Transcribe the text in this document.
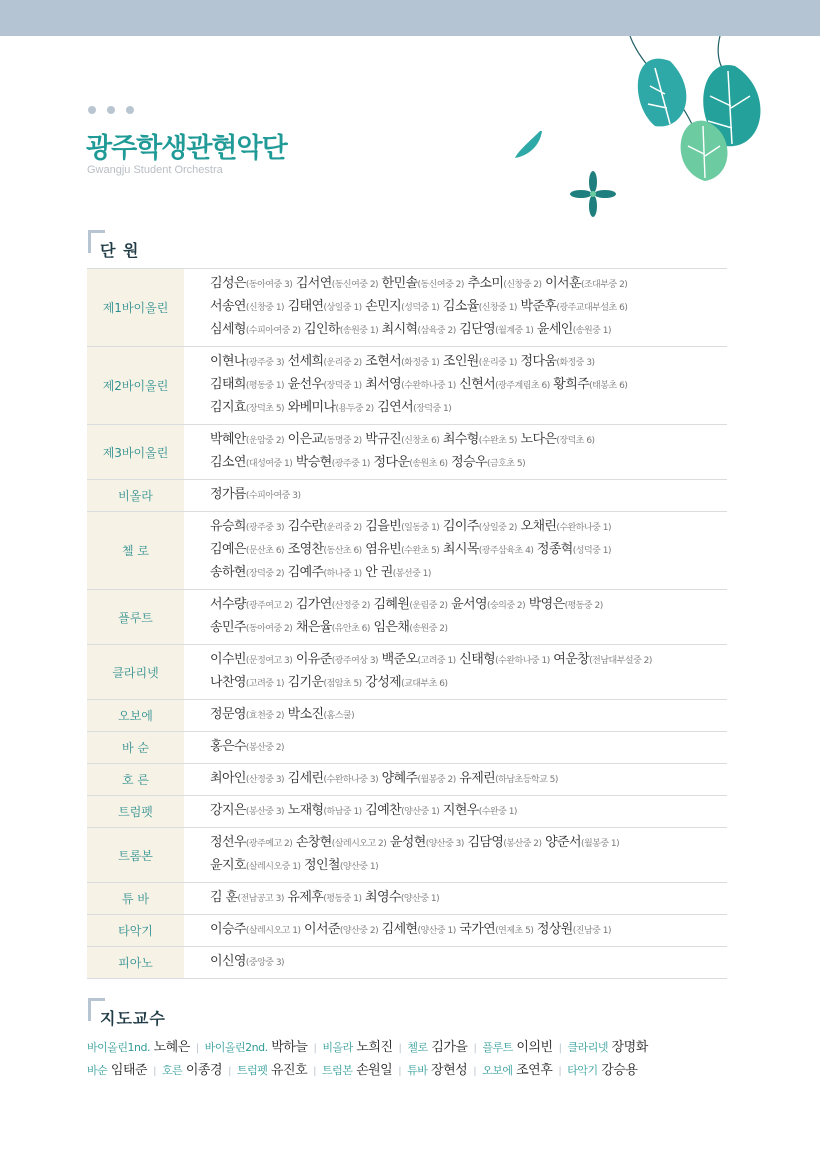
광주학생관현악단
Gwangju Student Orchestra
단 원
제1바이올린
김성은(동아여중 3) 김서연(동신여중 2) 한민솔(동신여중 2) 추소미(신창중 2) 이서훈(조대부중 2)
서송연(신창중 1) 김태연(상일중 1) 손민지(성덕중 1) 김소율(신창중 1) 박준후(광주교대부설초 6)
심세형(수피아여중 2) 김인하(송원중 1) 최시혁(삼육중 2) 김단영(월계중 1) 윤세인(송원중 1)
제2바이올린
이현나(광주중 3) 선세희(운리중 2) 조현서(화정중 1) 조인원(운리중 1) 정다움(화정중 3)
김태희(평동중 1) 윤선우(장덕중 1) 최서영(수완하나중 1) 신현서(광주계림초 6) 황희주(태봉초 6)
김지효(장덕초 5) 와베미나(용두중 2) 김연서(장덕중 1)
제3바이올린
박혜안(운암중 2) 이은교(동명중 2) 박규진(신창초 6) 최수형(수완초 5) 노다은(장덕초 6)
김소연(대성여중 1) 박승현(광주중 1) 정다운(송원초 6) 정승우(금호초 5)
비올라	정가름(수피아여중 3)
첼 로
유승희(광주중 3) 김수란(운리중 2) 김을빈(일동중 1) 김이주(상일중 2) 오채린(수완하나중 1)
김예은(문산초 6) 조영찬(동산초 6) 염유빈(수완초 5) 최시목(광주삼육초 4) 정종혁(성덕중 1)
송하현(장덕중 2) 김예주(하나중 1) 안 권(봉선중 1)
플루트
서수량(광주여고 2) 김가연(산정중 2) 김혜원(운림중 2) 윤서영(숭의중 2) 박영은(평동중 2)
송민주(동아여중 2) 채은율(유안초 6) 임은채(송원중 2)
클라리넷
이수빈(문정여고 3) 이유준(광주여상 3) 백준오(고려중 1) 신태형(수완하나중 1) 여운창(전남대부설중 2)
나찬영(고려중 1) 김기운(점암초 5) 강성제(교대부초 6)
오보에	정문영(효천중 2) 박소진(홈스쿨)
바 순	홍은수(봉산중 2)
호 른	최아인(산정중 3) 김세린(수완하나중 3) 양혜주(월봉중 2) 유제린(하남초등학교 5)
트럼펫	강지은(봉산중 3) 노재형(하남중 1) 김예찬(양산중 1) 지현우(수완중 1)
트롬본
정선우(광주예고 2) 손창현(살레시오고 2) 윤성현(양산중 3) 김담영(봉산중 2) 양준서(월봉중 1)
윤지호(살레시오중 1) 정인철(양산중 1)
튜 바	김 훈(전남공고 3) 유제후(평동중 1) 최영수(양산중 1)
타악기	이승주(살레시오고 1) 이서준(양산중 2) 김세현(양산중 1) 국가연(연제초 5) 정상원(진남중 1)
피아노	이신영(중앙중 3)
지도교수
바이올린1nd. 노혜은 | 바이올린2nd. 박하늘 | 비올라 노희진 | 첼로 김가을 | 플루트 이의빈 | 클라리넷 장명화
바순 임태준 | 호른 이종경 | 트럼펫 유진호 | 트럼본 손원일 | 튜바 장현성 | 오보에 조연후 | 타악기 강승용
